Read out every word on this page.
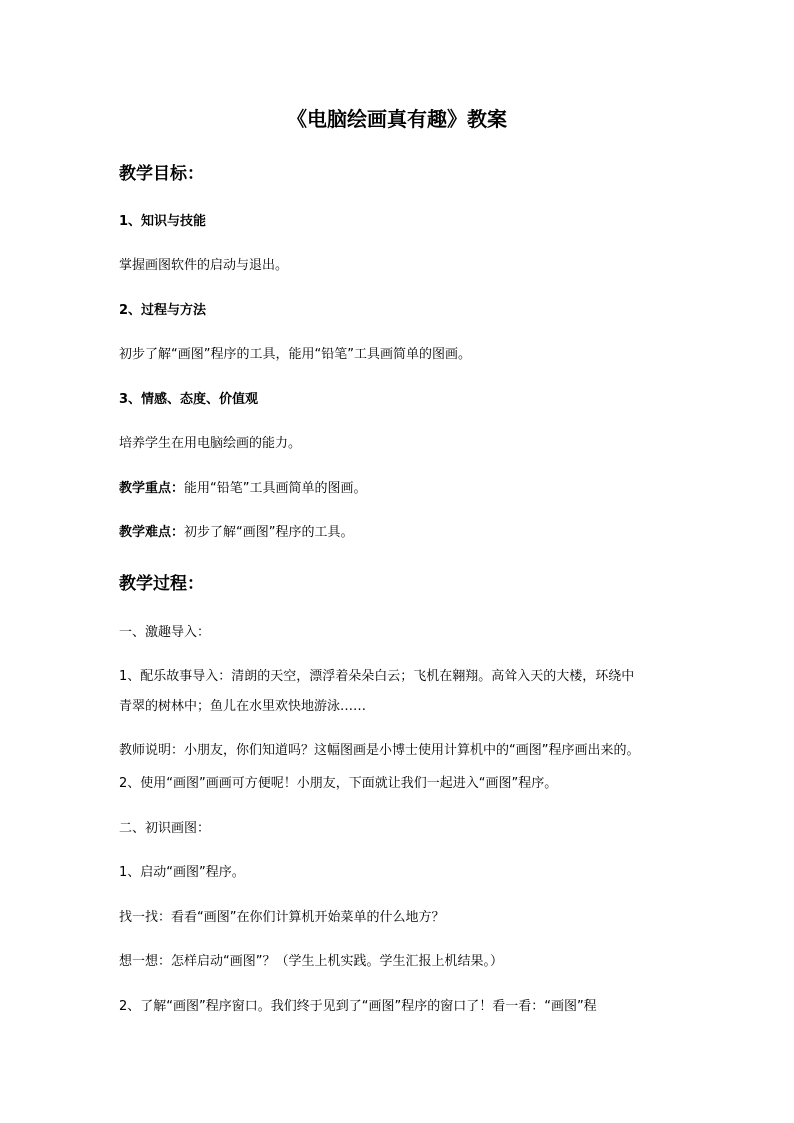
《电脑绘画真有趣》教案
教学目标：
1、知识与技能
掌握画图软件的启动与退出。
2、过程与方法
初步了解“画图”程序的工具，能用“铅笔”工具画简单的图画。
3、情感、态度、价值观
培养学生在用电脑绘画的能力。
教学重点：能用“铅笔”工具画简单的图画。
教学难点：初步了解“画图”程序的工具。
教学过程：
一、激趣导入：
1、配乐故事导入：清朗的天空，漂浮着朵朵白云；飞机在翱翔。高耸入天的大楼，环绕中
青翠的树林中；鱼儿在水里欢快地游泳……
教师说明：小朋友，你们知道吗？这幅图画是小博士使用计算机中的“画图”程序画出来的。
2、使用“画图”画画可方便呢！小朋友，下面就让我们一起进入“画图”程序。
二、初识画图：
1、启动“画图”程序。
找一找：看看“画图”在你们计算机开始菜单的什么地方？
想一想：怎样启动“画图”？（学生上机实践。学生汇报上机结果。）
2、了解“画图”程序窗口。我们终于见到了“画图”程序的窗口了！看一看：“画图”程
